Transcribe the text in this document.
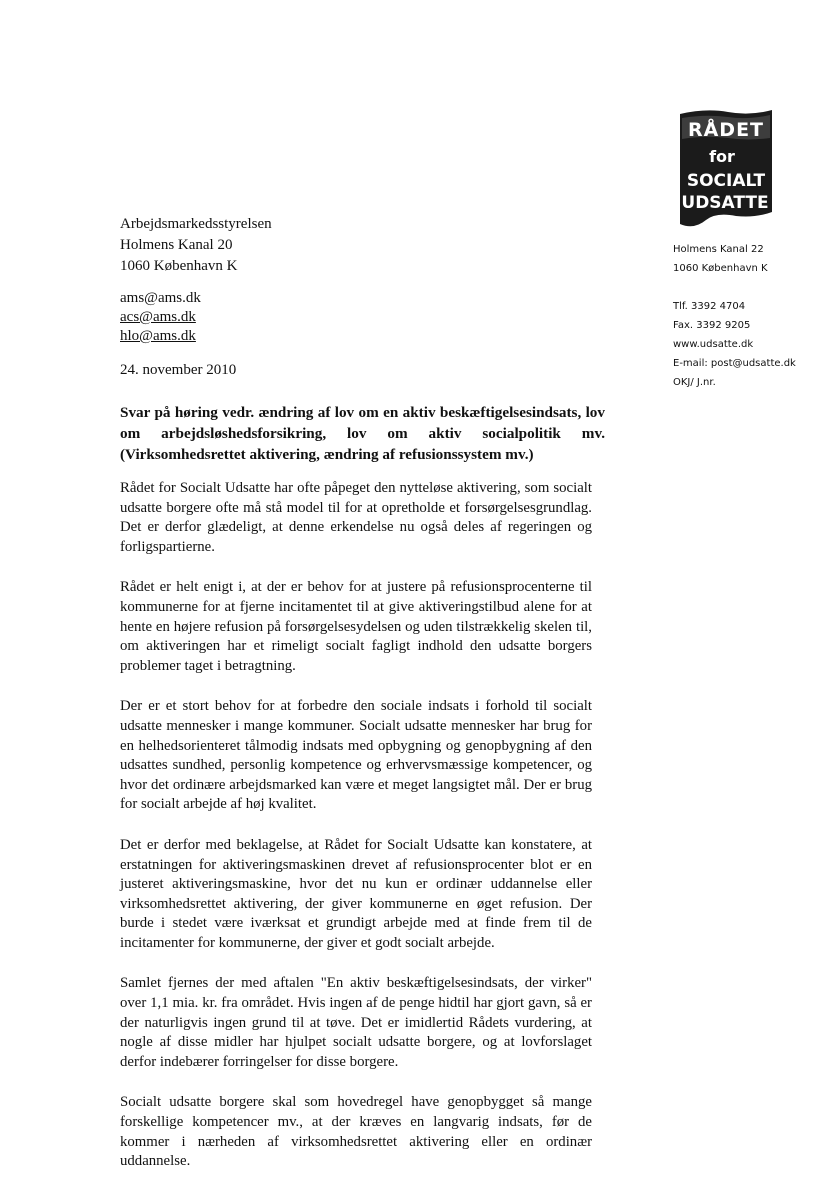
RÅDET
for
SOCIALT
UDSATTE
Holmens Kanal 22
1060 København K
Tlf. 3392 4704
Fax. 3392 9205
www.udsatte.dk
E-mail: post@udsatte.dk
OKJ/ J.nr.
Arbejdsmarkedsstyrelsen
Holmens Kanal 20
1060 København K
ams@ams.dk
acs@ams.dk
hlo@ams.dk
24. november 2010
Svar på høring vedr. ændring af lov om en aktiv beskæftigelsesindsats, lov om arbejdsløshedsforsikring, lov om aktiv socialpolitik mv. (Virksomhedsrettet aktivering, ændring af refusionssystem mv.)

Rådet for Socialt Udsatte har ofte påpeget den nytteløse aktivering, som socialt udsatte borgere ofte må stå model til for at opretholde et forsørgelsesgrundlag. Det er derfor glædeligt, at denne erkendelse nu også deles af regeringen og forligspartierne.

Rådet er helt enigt i, at der er behov for at justere på refusionsprocenterne til kommunerne for at fjerne incitamentet til at give aktiveringstilbud alene for at hente en højere refusion på forsørgelsesydelsen og uden tilstrækkelig skelen til, om aktiveringen har et rimeligt socialt fagligt indhold den udsatte borgers problemer taget i betragtning.

Der er et stort behov for at forbedre den sociale indsats i forhold til socialt udsatte mennesker i mange kommuner. Socialt udsatte mennesker har brug for en helhedsorienteret tålmodig indsats med opbygning og genopbygning af den udsattes sundhed, personlig kompetence og erhvervsmæssige kompetencer, og hvor det ordinære arbejdsmarked kan være et meget langsigtet mål. Der er brug for socialt arbejde af høj kvalitet.

Det er derfor med beklagelse, at Rådet for Socialt Udsatte kan konstatere, at erstatningen for aktiveringsmaskinen drevet af refusionsprocenter blot er en justeret aktiveringsmaskine, hvor det nu kun er ordinær uddannelse eller virksomhedsrettet aktivering, der giver kommunerne en øget refusion. Der burde i stedet være iværksat et grundigt arbejde med at finde frem til de incitamenter for kommunerne, der giver et godt socialt arbejde.

Samlet fjernes der med aftalen "En aktiv beskæftigelsesindsats, der virker" over 1,1 mia. kr. fra området. Hvis ingen af de penge hidtil har gjort gavn, så er der naturligvis ingen grund til at tøve. Det er imidlertid Rådets vurdering, at nogle af disse midler har hjulpet socialt udsatte borgere, og at lovforslaget derfor indebærer forringelser for disse borgere.

Socialt udsatte borgere skal som hovedregel have genopbygget så mange forskellige kompetencer mv., at der kræves en langvarig indsats, før de kommer i nærheden af virksomhedsrettet aktivering eller en ordinær uddannelse.
